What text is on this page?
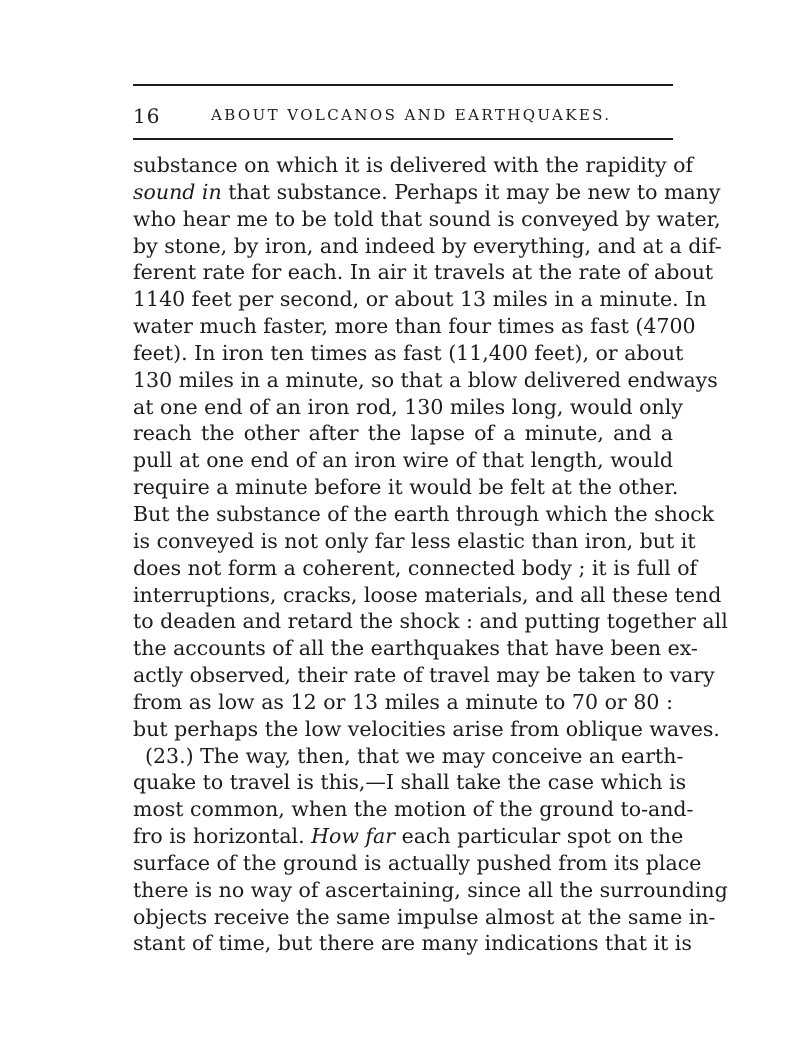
16	ABOUT VOLCANOS AND EARTHQUAKES.
substance on which it is delivered with the rapidity of
sound in that substance. Perhaps it may be new to many
who hear me to be told that sound is conveyed by water,
by stone, by iron, and indeed by everything, and at a dif-
ferent rate for each. In air it travels at the rate of about
1140 feet per second, or about 13 miles in a minute. In
water much faster, more than four times as fast (4700
feet). In iron ten times as fast (11,400 feet), or about
130 miles in a minute, so that a blow delivered endways
at one end of an iron rod, 130 miles long, would only
reach the other after the lapse of a minute, and a
pull at one end of an iron wire of that length, would
require a minute before it would be felt at the other.
But the substance of the earth through which the shock
is conveyed is not only far less elastic than iron, but it
does not form a coherent, connected body ; it is full of
interruptions, cracks, loose materials, and all these tend
to deaden and retard the shock : and putting together all
the accounts of all the earthquakes that have been ex-
actly observed, their rate of travel may be taken to vary
from as low as 12 or 13 miles a minute to 70 or 80 :
but perhaps the low velocities arise from oblique waves.
(23.) The way, then, that we may conceive an earth-
quake to travel is this,—I shall take the case which is
most common, when the motion of the ground to-and-
fro is horizontal. How far each particular spot on the
surface of the ground is actually pushed from its place
there is no way of ascertaining, since all the surrounding
objects receive the same impulse almost at the same in-
stant of time, but there are many indications that it is
